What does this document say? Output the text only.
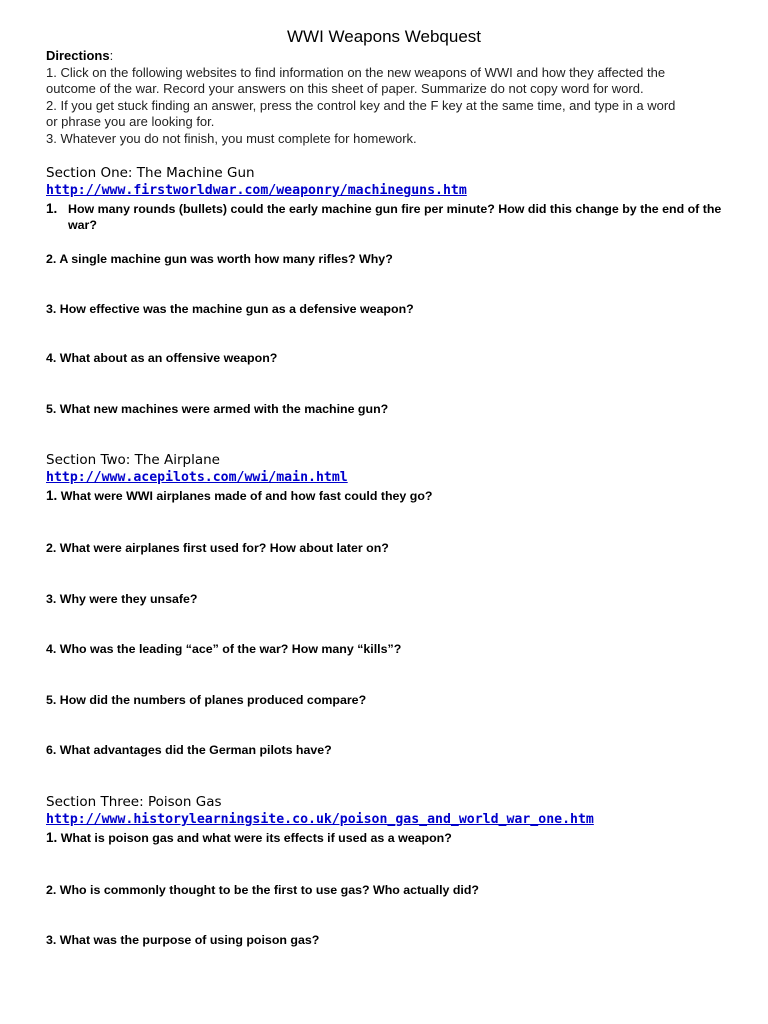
WWI Weapons Webquest
Directions:
1. Click on the following websites to find information on the new weapons of WWI and how they affected the
outcome of the war. Record your answers on this sheet of paper. Summarize do not copy word for word.
2. If you get stuck finding an answer, press the control key and the F key at the same time, and type in a word
or phrase you are looking for.
3. Whatever you do not finish, you must complete for homework.
Section One: The Machine Gun
http://www.firstworldwar.com/weaponry/machineguns.htm
1. How many rounds (bullets) could the early machine gun fire per minute? How did this change by the end of the war?
2. A single machine gun was worth how many rifles? Why?
3. How effective was the machine gun as a defensive weapon?
4. What about as an offensive weapon?
5. What new machines were armed with the machine gun?
Section Two: The Airplane
http://www.acepilots.com/wwi/main.html
1. What were WWI airplanes made of and how fast could they go?
2. What were airplanes first used for? How about later on?
3. Why were they unsafe?
4. Who was the leading “ace” of the war? How many “kills”?
5. How did the numbers of planes produced compare?
6. What advantages did the German pilots have?
Section Three: Poison Gas
http://www.historylearningsite.co.uk/poison_gas_and_world_war_one.htm
1. What is poison gas and what were its effects if used as a weapon?
2. Who is commonly thought to be the first to use gas? Who actually did?
3. What was the purpose of using poison gas?
